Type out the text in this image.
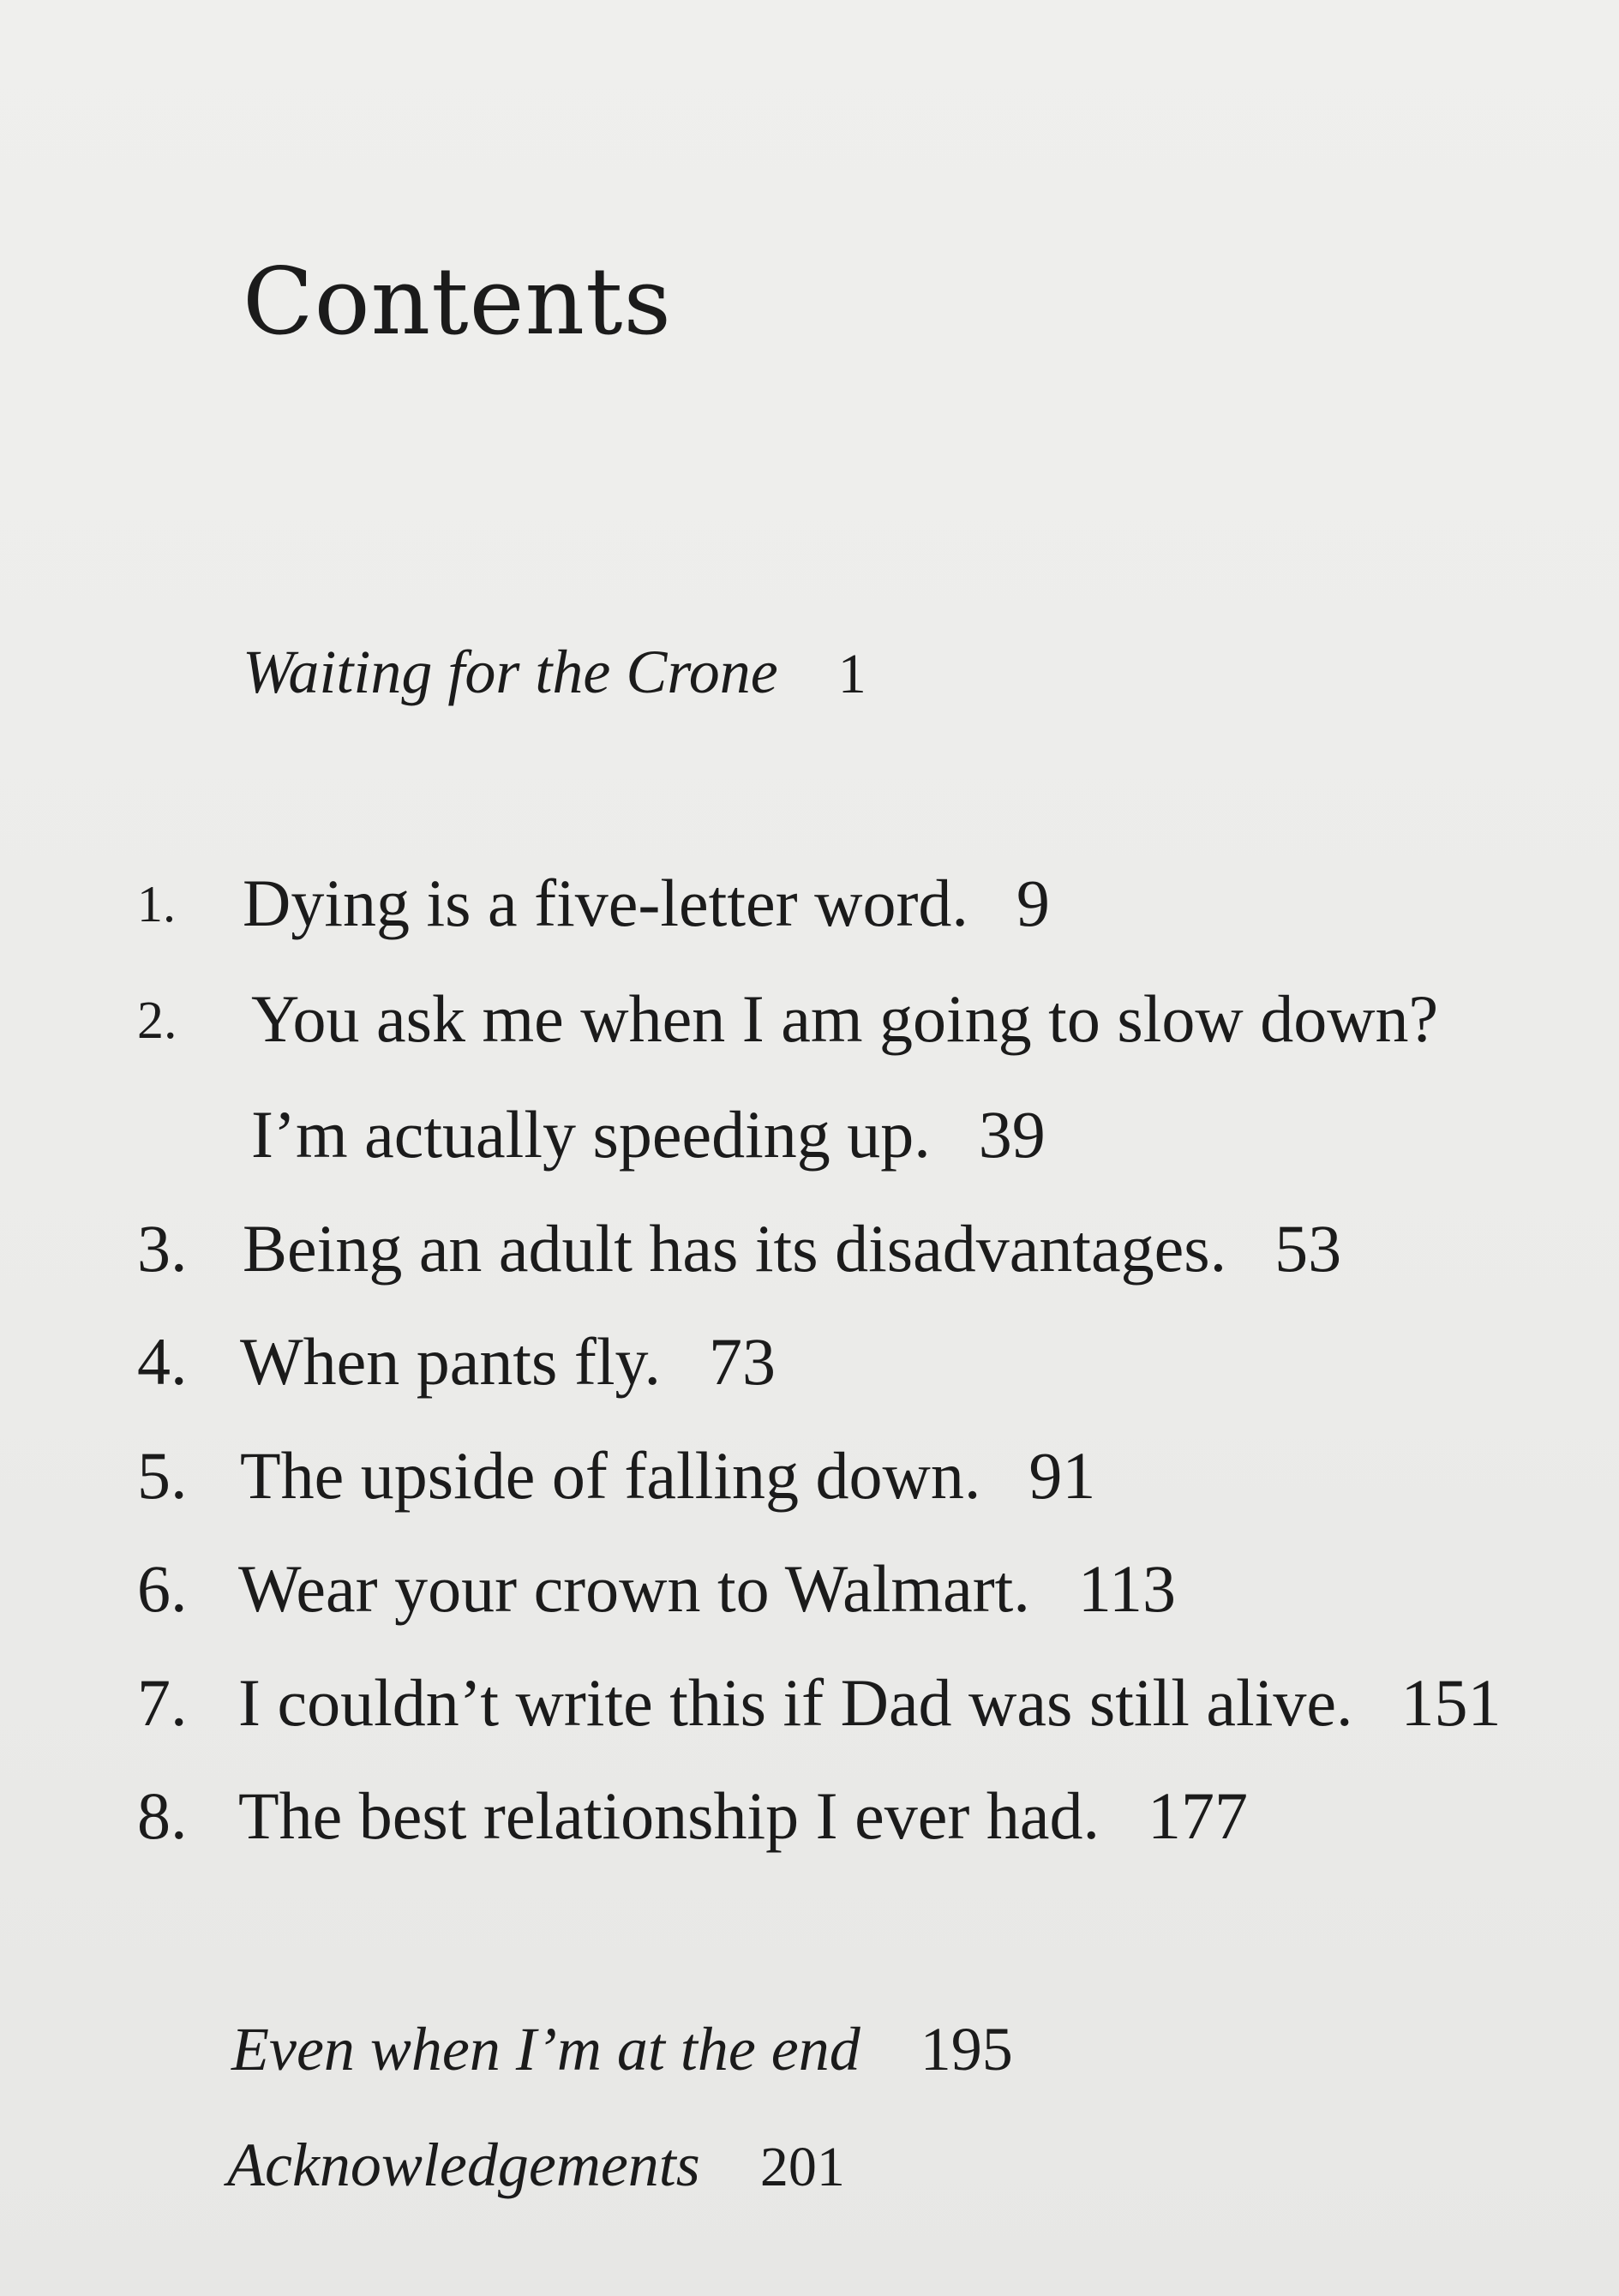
Contents
Waiting for the Crone 1
1.	Dying is a five-letter word. 9
2.	You ask me when I am going to slow down?
I’m actually speeding up. 39
3. Being an adult has its disadvantages. 53
4. When pants fly. 73
5. The upside of falling down. 91
6. Wear your crown to Walmart. 113
7. I couldn’t write this if Dad was still alive. 151
8. The best relationship I ever had. 177
Even when I’m at the end 195
Acknowledgements 201
